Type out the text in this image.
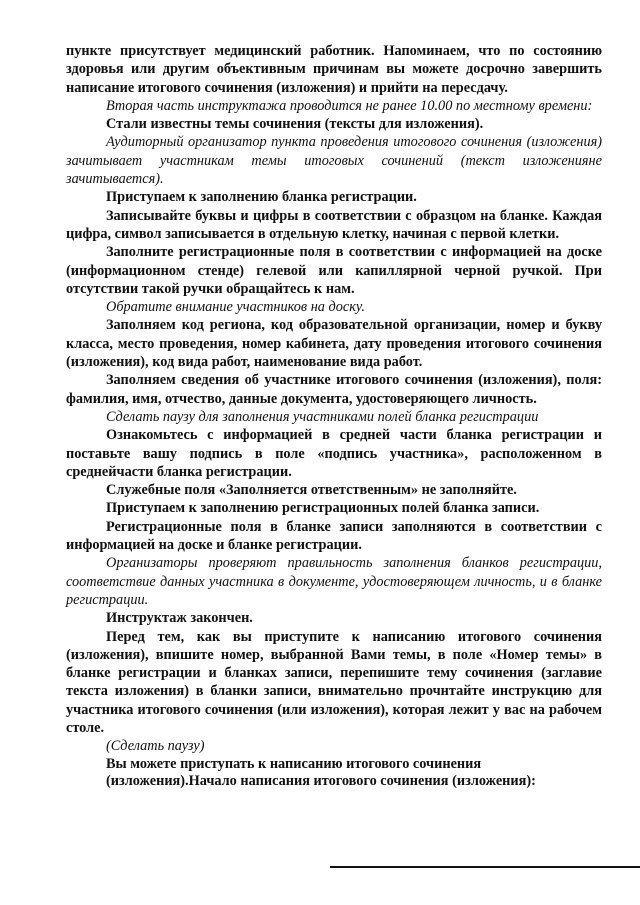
пункте присутствует медицинский работник. Напоминаем, что по состоянию здоровья или другим объективным причинам вы можете досрочно завершить написание итогового сочинения (изложения) и прийти на пересдачу.

Вторая часть инструктажа проводится не ранее 10.00 по местному времени:

Стали известны темы сочинения (тексты для изложения).

Аудиторный организатор пункта проведения итогового сочинения (изложения) зачитывает участникам темы итоговых сочинений (текст изложениянe зачитывается).

Приступаем к заполнению бланка регистрации.

Записывайте буквы и цифры в соответствии с образцом на бланке. Каждая цифра, символ записывается в отдельную клетку, начиная с первой клетки.

Заполните регистрационные поля в соответствии с информацией на доске (информационном стенде) гелевой или капиллярной черной ручкой. При отсутствии такой ручки обращайтесь к нам.

Обратите внимание участников на доску.

Заполняем код региона, код образовательной организации, номер и букву класса, место проведения, номер кабинета, дату проведения итогового сочинения (изложения), код вида работ, наименование вида работ.

Заполняем сведения об участнике итогового сочинения (изложения), поля: фамилия, имя, отчество, данные документа, удостоверяющего личность.

Сделать паузу для заполнения участниками полей бланка регистрации

Ознакомьтесь с информацией в средней части бланка регистрации и поставьте вашу подпись в поле «подпись участника», расположенном в среднейчасти бланка регистрации.

Служебные поля «Заполняется ответственным» не заполняйте.

Приступаем к заполнению регистрационных полей бланка записи.

Регистрационные поля в бланке записи заполняются в соответствии с информацией на доске и бланке регистрации.

Организаторы проверяют правильность заполнения бланков регистрации, соответствие данных участника в документе, удостоверяющем личность, и в бланке регистрации.

Инструктаж закончен.

Перед тем, как вы приступите к написанию итогового сочинения (изложения), впишите номер, выбранной Вами темы, в поле «Номер темы» в бланке регистрации и бланках записи, перепишите тему сочинения (заглавие текста изложения) в бланки записи, внимательно прочнтайте инструкцию для участника итогового сочинения (или изложения), которая лежит у вас на рабочем столе.

(Сделать паузу)

Вы можете приступать к написанию итогового сочинения

(изложения).Начало написания итогового сочинения (изложения):
